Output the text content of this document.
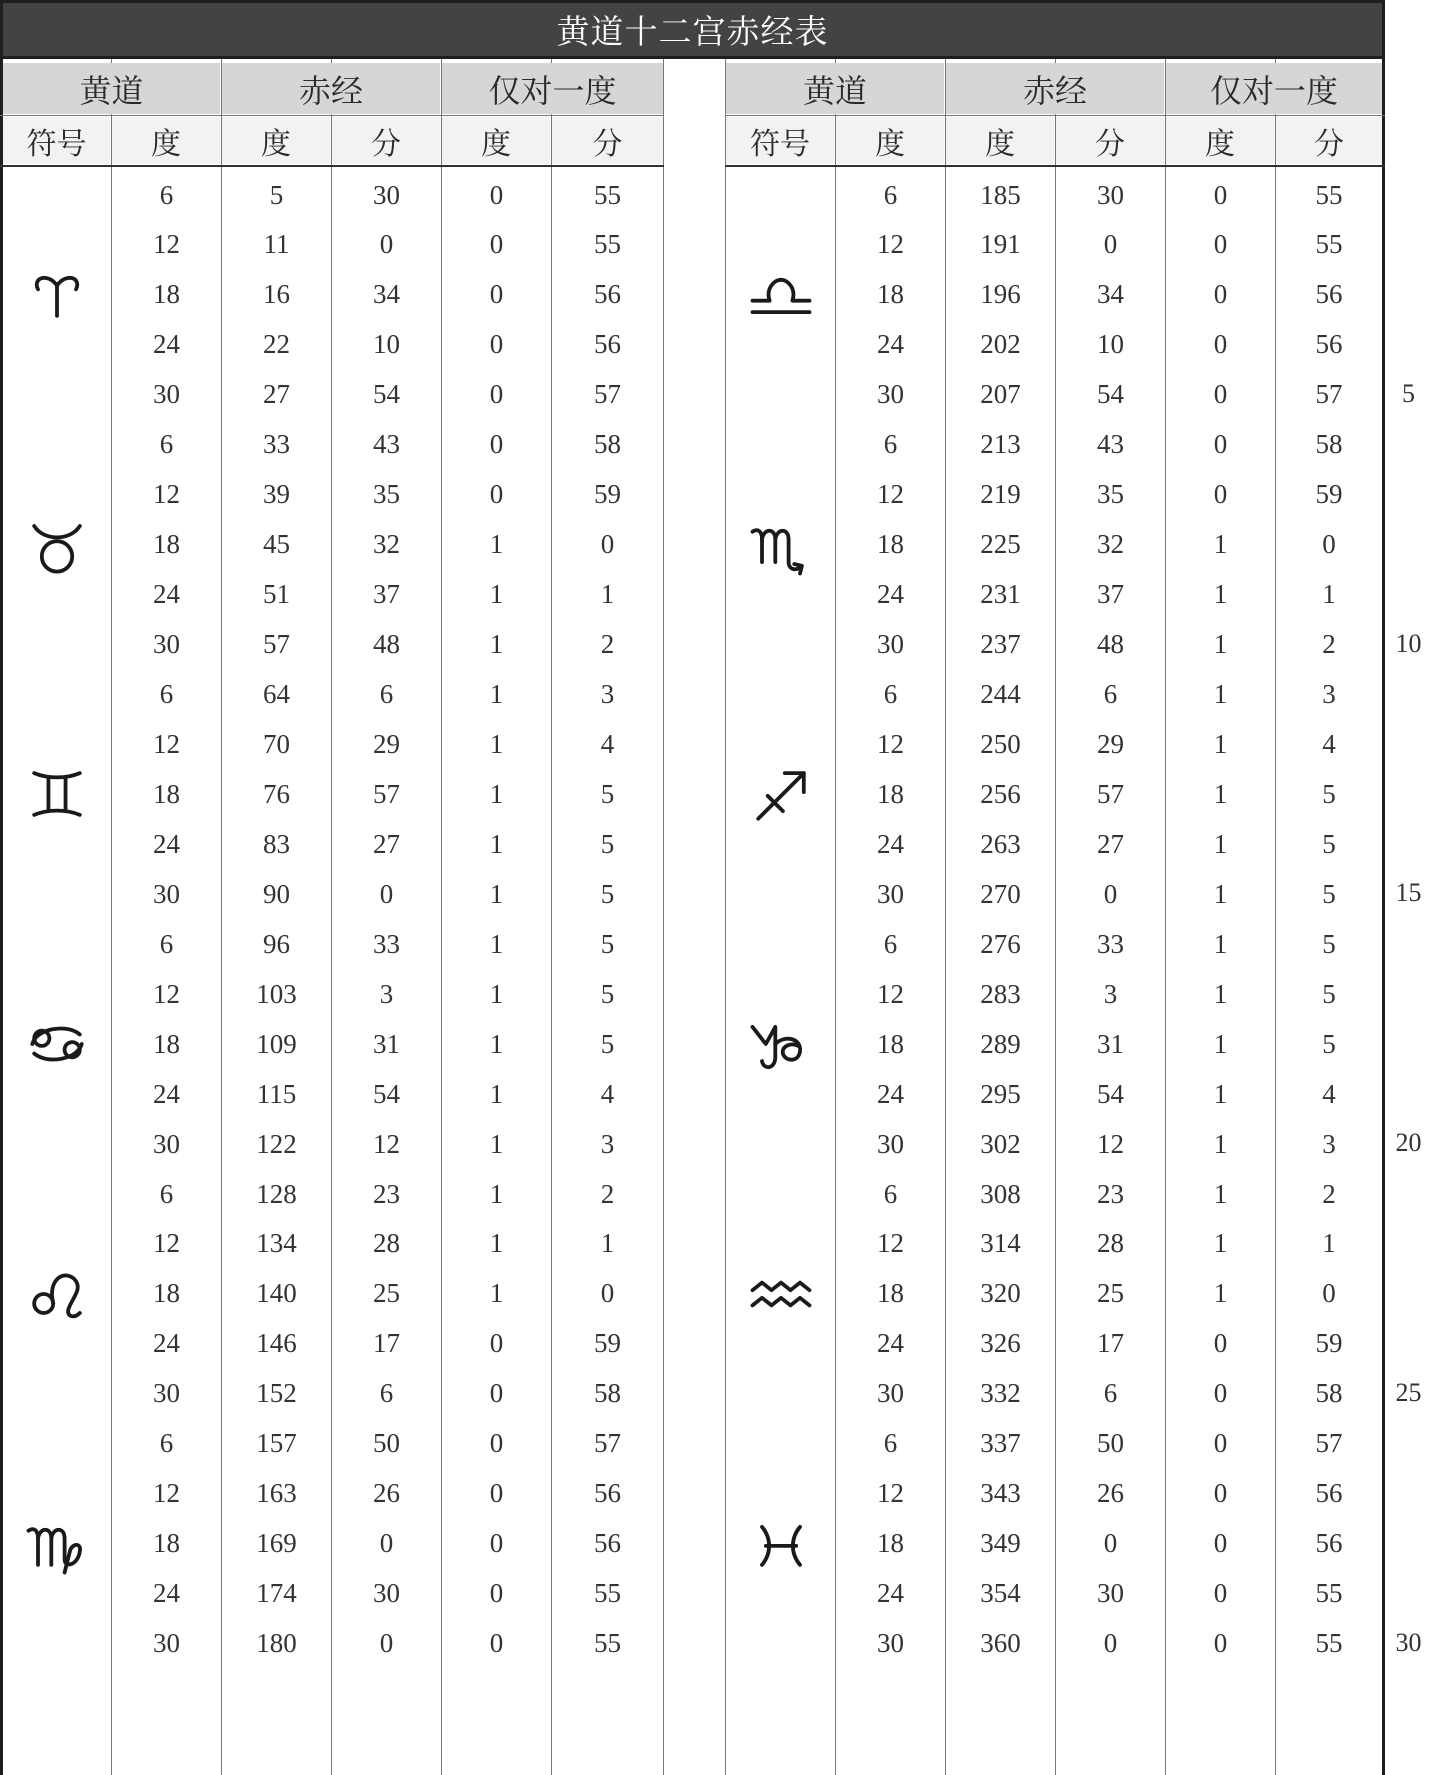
黄道十二宫赤经表
黄道	赤经	仅对一度
符号	度	度	分	度	分
6	5	30	0	55
12	11	0	0	55
18	16	34	0	56
24	22	10	0	56
30	27	54	0	57
6	33	43	0	58
12	39	35	0	59
18	45	32	1	0
24	51	37	1	1
30	57	48	1	2
6	64	6	1	3
12	70	29	1	4
18	76	57	1	5
24	83	27	1	5
30	90	0	1	5
6	96	33	1	5
12	103	3	1	5
18	109	31	1	5
24	115	54	1	4
30	122	12	1	3
6	128	23	1	2
12	134	28	1	1
18	140	25	1	0
24	146	17	0	59
30	152	6	0	58
6	157	50	0	57
12	163	26	0	56
18	169	0	0	56
24	174	30	0	55
30	180	0	0	55
黄道	赤经	仅对一度
符号	度	度	分	度	分
6	185	30	0	55
12	191	0	0	55
18	196	34	0	56
24	202	10	0	56
30	207	54	0	57
6	213	43	0	58
12	219	35	0	59
18	225	32	1	0
24	231	37	1	1
30	237	48	1	2
6	244	6	1	3
12	250	29	1	4
18	256	57	1	5
24	263	27	1	5
30	270	0	1	5
6	276	33	1	5
12	283	3	1	5
18	289	31	1	5
24	295	54	1	4
30	302	12	1	3
6	308	23	1	2
12	314	28	1	1
18	320	25	1	0
24	326	17	0	59
30	332	6	0	58
6	337	50	0	57
12	343	26	0	56
18	349	0	0	56
24	354	30	0	55
30	360	0	0	55
5
10
15
20
25
30
